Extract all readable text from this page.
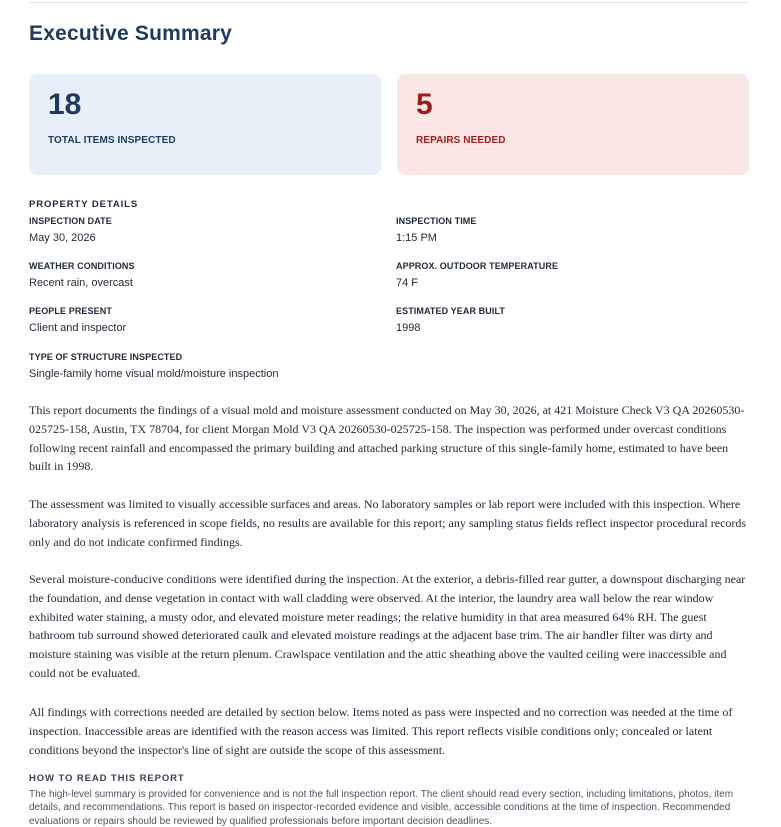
Executive Summary
18
TOTAL ITEMS INSPECTED
5
REPAIRS NEEDED
PROPERTY DETAILS
INSPECTION DATE
May 30, 2026
INSPECTION TIME
1:15 PM
WEATHER CONDITIONS
Recent rain, overcast
APPROX. OUTDOOR TEMPERATURE
74 F
PEOPLE PRESENT
Client and inspector
ESTIMATED YEAR BUILT
1998
TYPE OF STRUCTURE INSPECTED
Single-family home visual mold/moisture inspection

This report documents the findings of a visual mold and moisture assessment conducted on May 30, 2026, at 421 Moisture Check V3 QA 20260530-025725-158, Austin, TX 78704, for client Morgan Mold V3 QA 20260530-025725-158. The inspection was performed under overcast conditions following recent rainfall and encompassed the primary building and attached parking structure of this single-family home, estimated to have been built in 1998.

The assessment was limited to visually accessible surfaces and areas. No laboratory samples or lab report were included with this inspection. Where laboratory analysis is referenced in scope fields, no results are available for this report; any sampling status fields reflect inspector procedural records only and do not indicate confirmed findings.

Several moisture-conducive conditions were identified during the inspection. At the exterior, a debris-filled rear gutter, a downspout discharging near the foundation, and dense vegetation in contact with wall cladding were observed. At the interior, the laundry area wall below the rear window exhibited water staining, a musty odor, and elevated moisture meter readings; the relative humidity in that area measured 64% RH. The guest bathroom tub surround showed deteriorated caulk and elevated moisture readings at the adjacent base trim. The air handler filter was dirty and moisture staining was visible at the return plenum. Crawlspace ventilation and the attic sheathing above the vaulted ceiling were inaccessible and could not be evaluated.

All findings with corrections needed are detailed by section below. Items noted as pass were inspected and no correction was needed at the time of inspection. Inaccessible areas are identified with the reason access was limited. This report reflects visible conditions only; concealed or latent conditions beyond the inspector's line of sight are outside the scope of this assessment.

HOW TO READ THIS REPORT

The high-level summary is provided for convenience and is not the full inspection report. The client should read every section, including limitations, photos, item details, and recommendations. This report is based on inspector-recorded evidence and visible, accessible conditions at the time of inspection. Recommended evaluations or repairs should be reviewed by qualified professionals before important decision deadlines.
